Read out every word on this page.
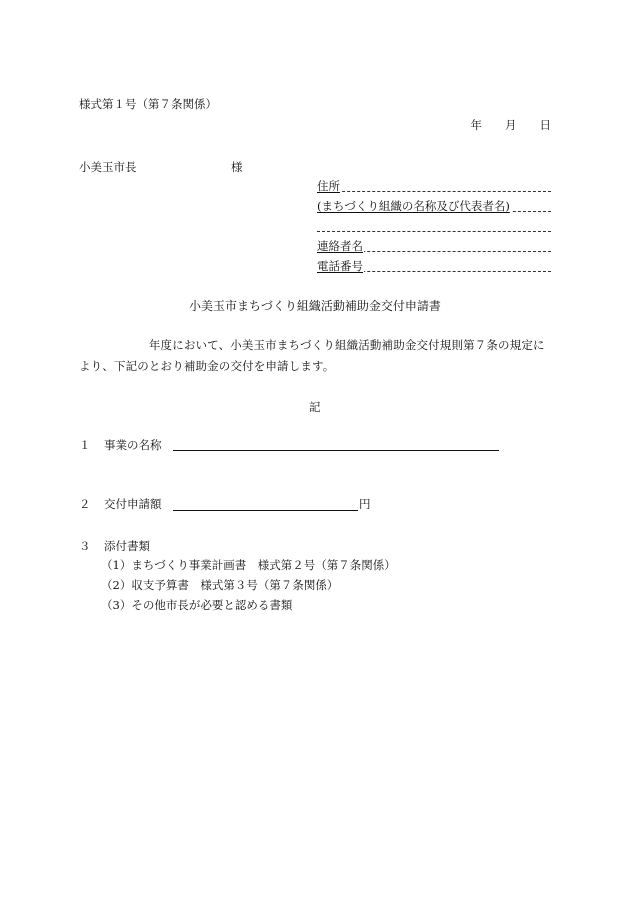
様式第１号（第７条関係）
年　　月　　日
小美玉市長	様
住所
(まちづくり組織の名称及び代表者名)
連絡者名
電話番号
小美玉市まちづくり組織活動補助金交付申請書
　　　　　　年度において、小美玉市まちづくり組織活動補助金交付規則第７条の規定により、下記のとおり補助金の交付を申請します。
記
１ 事業の名称
２ 交付申請額	円
３ 添付書類
（1）まちづくり事業計画書　様式第２号（第７条関係）
（2）収支予算書　様式第３号（第７条関係）
（3）その他市長が必要と認める書類
